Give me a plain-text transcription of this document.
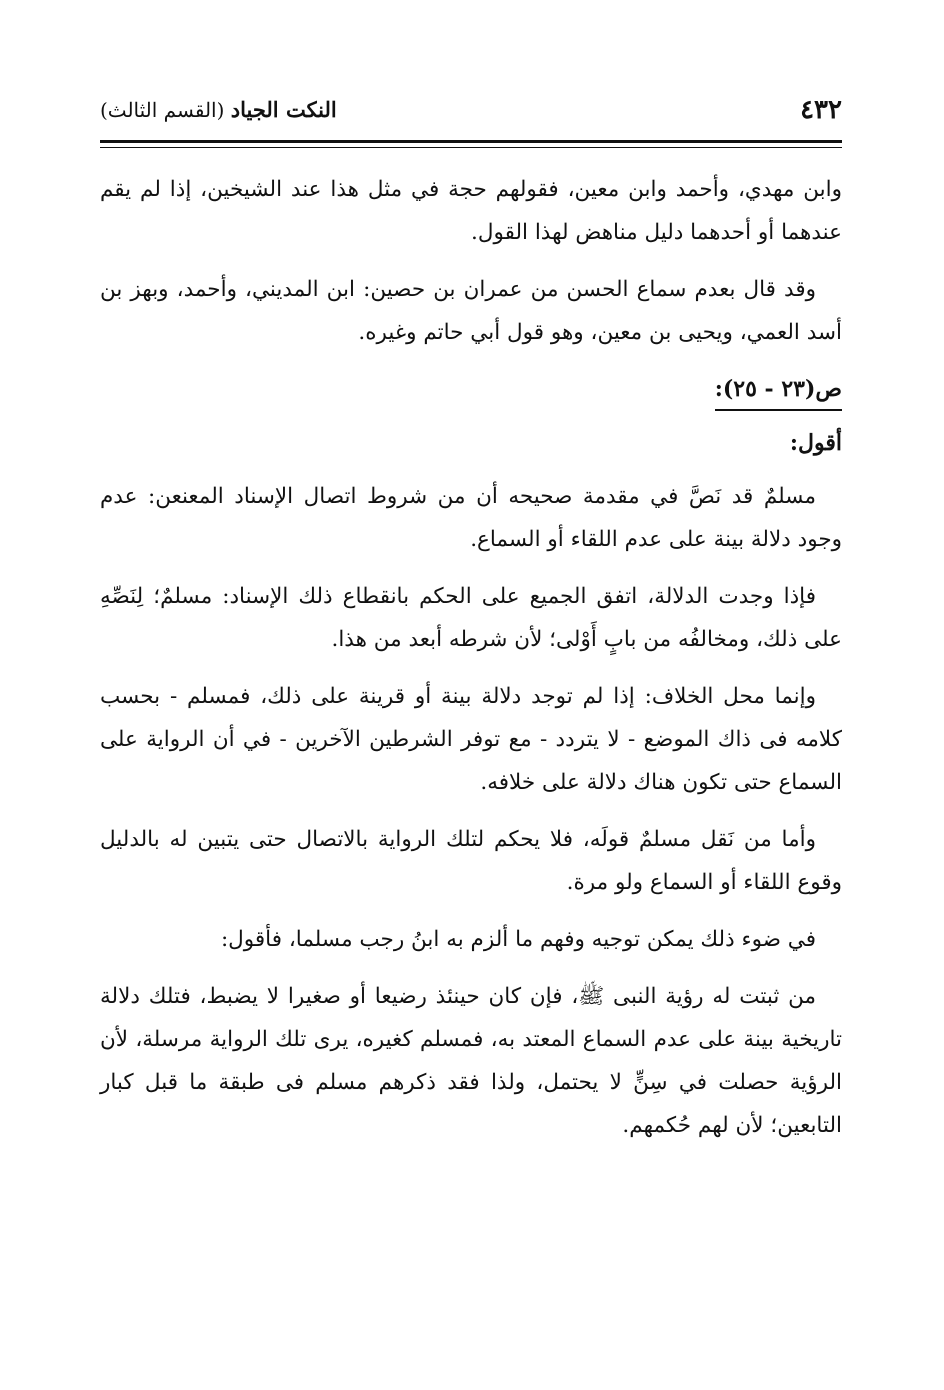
٤٣٢
النكت الجياد (القسم الثالث)

وابن مهدي، وأحمد وابن معين، فقولهم حجة في مثل هذا عند الشيخين، إذا لم يقم عندهما أو أحدهما دليل مناهض لهذا القول.

وقد قال بعدم سماع الحسن من عمران بن حصين: ابن المديني، وأحمد، وبهز بن أسد العمي، ويحيى بن معين، وهو قول أبي حاتم وغيره.

ص(٢٣ - ٢٥):
أقول:

مسلمٌ قد نَصَّ في مقدمة صحيحه أن من شروط اتصال الإسناد المعنعن: عدم وجود دلالة بينة على عدم اللقاء أو السماع.

فإذا وجدت الدلالة، اتفق الجميع على الحكم بانقطاع ذلك الإسناد: مسلمٌ؛ لِنَصِّهِ على ذلك، ومخالفُه من بابٍ أَوْلى؛ لأن شرطه أبعد من هذا.

وإنما محل الخلاف: إذا لم توجد دلالة بينة أو قرينة على ذلك، فمسلم - بحسب كلامه فى ذاك الموضع - لا يتردد - مع توفر الشرطين الآخرين - في أن الرواية على السماع حتى تكون هناك دلالة على خلافه.

وأما من نَقل مسلمٌ قولَه، فلا يحكم لتلك الرواية بالاتصال حتى يتبين له بالدليل وقوع اللقاء أو السماع ولو مرة.

في ضوء ذلك يمكن توجيه وفهم ما ألزم به ابنُ رجب مسلما، فأقول:

من ثبتت له رؤية النبى ﷺ، فإن كان حينئذ رضيعا أو صغيرا لا يضبط، فتلك دلالة تاريخية بينة على عدم السماع المعتد به، فمسلم كغيره، يرى تلك الرواية مرسلة، لأن الرؤية حصلت في سِنٍّ لا يحتمل، ولذا فقد ذكرهم مسلم فى طبقة ما قبل كبار التابعين؛ لأن لهم حُكمهم.
